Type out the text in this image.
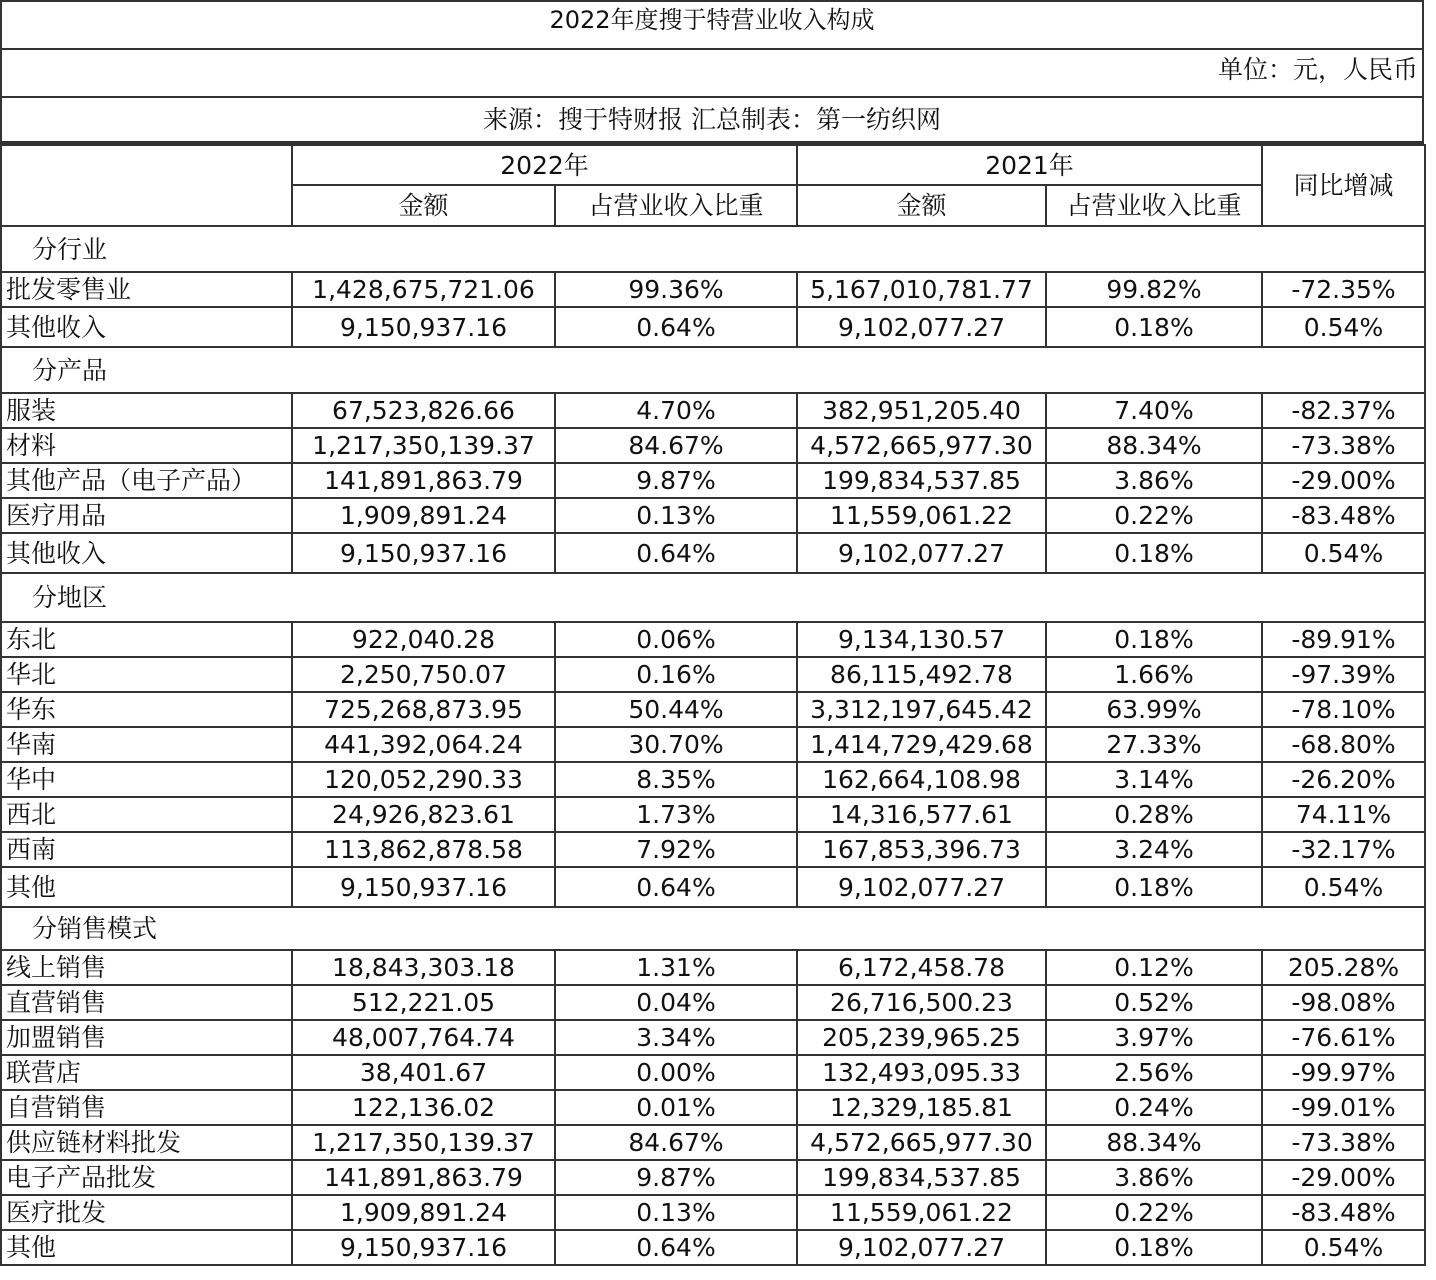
2022年度搜于特营业收入构成
单位：元，人民币
来源：搜于特财报 汇总制表：第一纺织网
	2022年		2021年		同比增减
	金额	占营业收入比重	金额	占营业收入比重	
分行业					
批发零售业	1,428,675,721.06	99.36%	5,167,010,781.77	99.82%	-72.35%
其他收入	9,150,937.16	0.64%	9,102,077.27	0.18%	0.54%
分产品					
服装	67,523,826.66	4.70%	382,951,205.40	7.40%	-82.37%
材料	1,217,350,139.37	84.67%	4,572,665,977.30	88.34%	-73.38%
其他产品（电子产品）	141,891,863.79	9.87%	199,834,537.85	3.86%	-29.00%
医疗用品	1,909,891.24	0.13%	11,559,061.22	0.22%	-83.48%
其他收入	9,150,937.16	0.64%	9,102,077.27	0.18%	0.54%
分地区					
东北	922,040.28	0.06%	9,134,130.57	0.18%	-89.91%
华北	2,250,750.07	0.16%	86,115,492.78	1.66%	-97.39%
华东	725,268,873.95	50.44%	3,312,197,645.42	63.99%	-78.10%
华南	441,392,064.24	30.70%	1,414,729,429.68	27.33%	-68.80%
华中	120,052,290.33	8.35%	162,664,108.98	3.14%	-26.20%
西北	24,926,823.61	1.73%	14,316,577.61	0.28%	74.11%
西南	113,862,878.58	7.92%	167,853,396.73	3.24%	-32.17%
其他	9,150,937.16	0.64%	9,102,077.27	0.18%	0.54%
分销售模式					
线上销售	18,843,303.18	1.31%	6,172,458.78	0.12%	205.28%
直营销售	512,221.05	0.04%	26,716,500.23	0.52%	-98.08%
加盟销售	48,007,764.74	3.34%	205,239,965.25	3.97%	-76.61%
联营店	38,401.67	0.00%	132,493,095.33	2.56%	-99.97%
自营销售	122,136.02	0.01%	12,329,185.81	0.24%	-99.01%
供应链材料批发	1,217,350,139.37	84.67%	4,572,665,977.30	88.34%	-73.38%
电子产品批发	141,891,863.79	9.87%	199,834,537.85	3.86%	-29.00%
医疗批发	1,909,891.24	0.13%	11,559,061.22	0.22%	-83.48%
其他	9,150,937.16	0.64%	9,102,077.27	0.18%	0.54%
